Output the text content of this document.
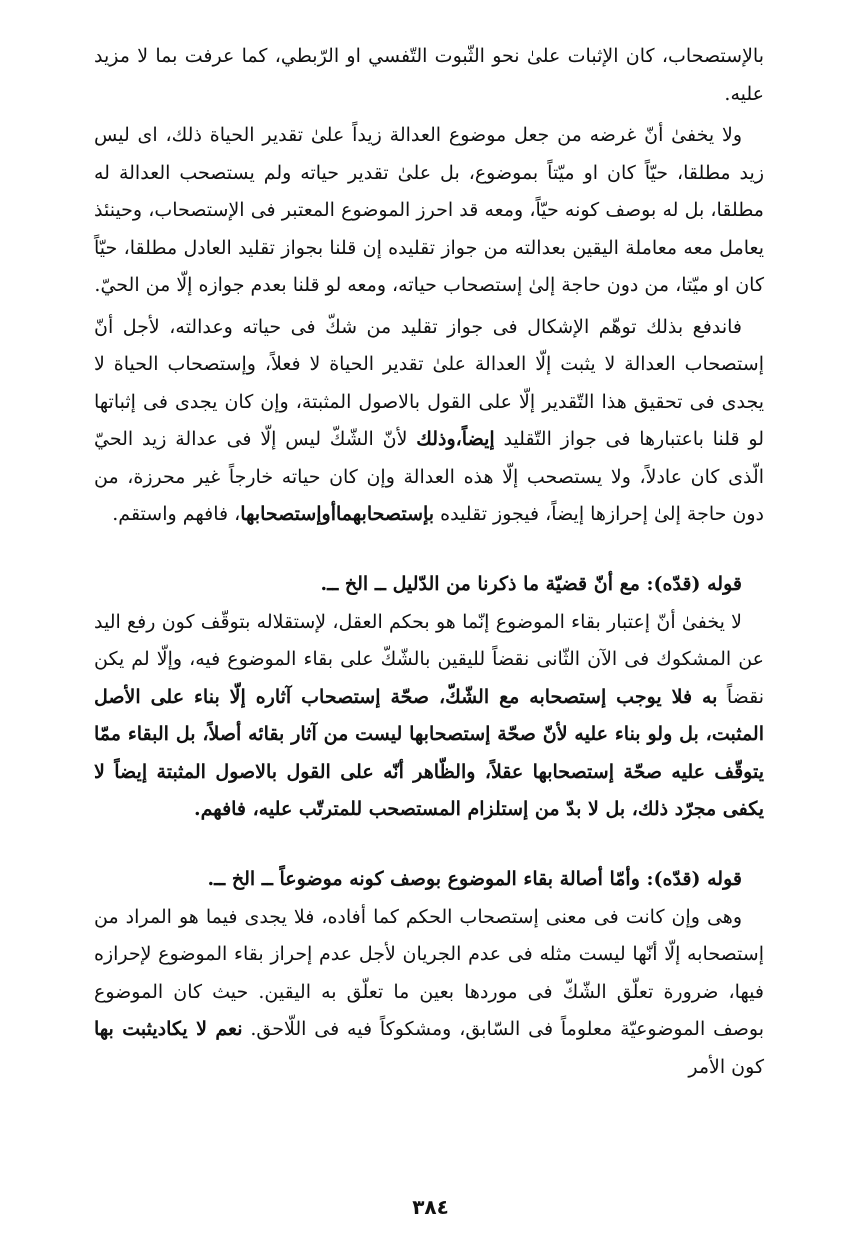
بالإستصحاب، كان الإثبات علىٰ نحو الثّبوت التّفسي او الرّبطي، كما عرفت بما لا مزيد عليه.

ولا يخفىٰ أنّ غرضه من جعل موضوع العدالة زيداً علىٰ تقدير الحياة ذلك، اى ليس زيد مطلقا، حيّاً كان او ميّتاً بموضوع، بل علىٰ تقدير حياته ولم يستصحب العدالة له مطلقا، بل له بوصف كونه حيّاً، ومعه قد احرز الموضوع المعتبر فى الإستصحاب، وحينئذ يعامل معه معاملة اليقين بعدالته من جواز تقليده إن قلنا بجواز تقليد العادل مطلقا، حيّاً كان او ميّتا، من دون حاجة إلىٰ إستصحاب حياته، ومعه لو قلنا بعدم جوازه إلّا من الحيّ.

فاندفع بذلك توهّم الإشكال فى جواز تقليد من شكّ فى حياته وعدالته، لأجل أنّ إستصحاب العدالة لا يثبت إلّا العدالة علىٰ تقدير الحياة لا فعلاً، وإستصحاب الحياة لا يجدى فى تحقيق هذا التّقدير إلّا على القول بالاصول المثبتة، وإن كان يجدى فى إثباتها لو قلنا باعتبارها فى جواز التّقليد إيضاً،وذلك لأنّ الشّكّ ليس إلّا فى عدالة زيد الحيّ الّذى كان عادلاً، ولا يستصحب إلّا هذه العدالة وإن كان حياته خارجاً غير محرزة، من دون حاجة إلىٰ إحرازها إيضاً، فيجوز تقليده بإستصحابهماأوإستصحابها، فافهم واستقم.

قوله (قدّه): مع أنّ قضيّة ما ذكرنا من الدّليل ــ الخ ــ.

لا يخفىٰ أنّ إعتبار بقاء الموضوع إنّما هو بحكم العقل، لإستقلاله بتوقّف كون رفع اليد عن المشكوك فى الآن الثّانى نقضاً لليقين بالشّكّ على بقاء الموضوع فيه، وإلّا لم يكن نقضاً به فلا يوجب إستصحابه مع الشّكّ، صحّة إستصحاب آثاره إلّا بناء على الأصل المثبت، بل ولو بناء عليه لأنّ صحّة إستصحابها ليست من آثار بقائه أصلاً، بل البقاء ممّا يتوقّف عليه صحّة إستصحابها عقلاً، والظّاهر أنّه على القول بالاصول المثبتة إيضاً لا يكفى مجرّد ذلك، بل لا بدّ من إستلزام المستصحب للمترتّب عليه، فافهم.

قوله (قدّه): وأمّا أصالة بقاء الموضوع بوصف كونه موضوعاً ــ الخ ــ.

وهى وإن كانت فى معنى إستصحاب الحكم كما أفاده، فلا يجدى فيما هو المراد من إستصحابه إلّا أنّها ليست مثله فى عدم الجريان لأجل عدم إحراز بقاء الموضوع لإحرازه فيها، ضرورة تعلّق الشّكّ فى موردها بعين ما تعلّق به اليقين. حيث كان الموضوع بوصف الموضوعيّة معلوماً فى السّابق، ومشكوكاً فيه فى اللّاحق. نعم لا يكاديثبت بها كون الأمر

٣٨٤
